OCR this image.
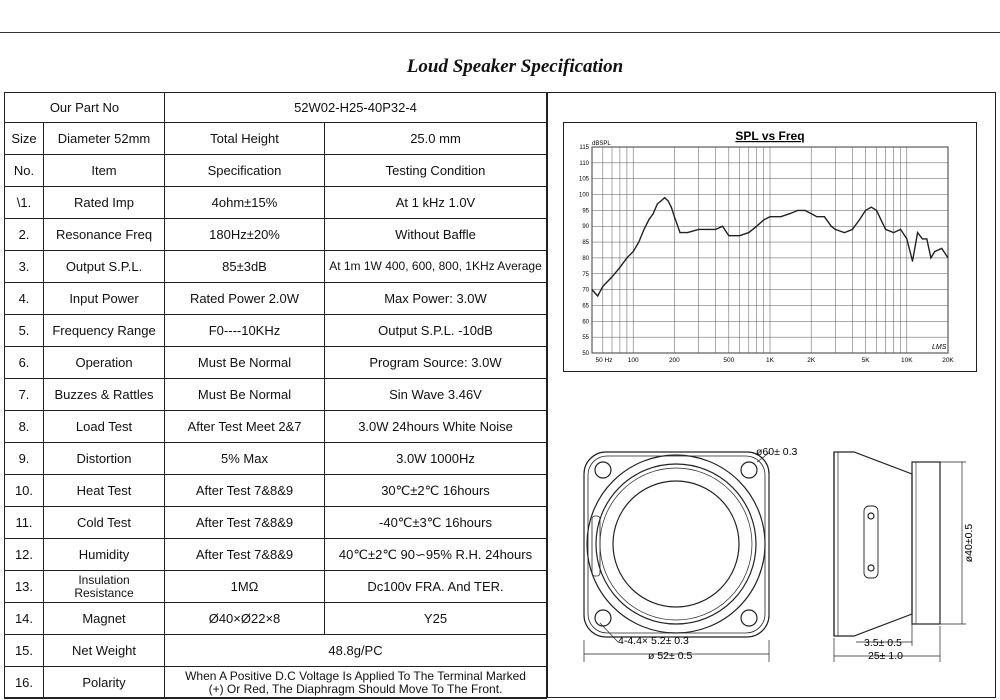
Loud Speaker Specification
Our Part No		52W02-H25-40P32-4	
Size	Diameter 52mm	Total Height	25.0 mm
No.	Item	Specification	Testing Condition
\1.	Rated Imp	4ohm±15%	At 1 kHz 1.0V
2.	Resonance Freq	180Hz±20%	Without Baffle
3.	Output S.P.L.	85±3dB	At 1m 1W 400, 600, 800, 1KHz Average
4.	Input Power	Rated Power 2.0W	Max Power: 3.0W
5.	Frequency Range	F0----10KHz	Output S.P.L. -10dB
6.	Operation	Must Be Normal	Program Source: 3.0W
7.	Buzzes & Rattles	Must Be Normal	Sin Wave 3.46V
8.	Load Test	After Test Meet 2&7	3.0W 24hours White Noise
9.	Distortion	5% Max	3.0W 1000Hz
10.	Heat Test	After Test 7&8&9	30℃±2℃ 16hours
11.	Cold Test	After Test 7&8&9	-40℃±3℃ 16hours
12.	Humidity	After Test 7&8&9	40℃±2℃ 90∽95% R.H. 24hours
13.	Insulation Resistance	1MΩ	Dc100v FRA. And TER.
14.	Magnet	Ø40×Ø22×8	Y25
15.	Net Weight	48.8g/PC	
16.	Polarity	When A Positive D.C Voltage Is Applied To The Terminal Marked (+) Or Red, The Diaphragm Should Move To The Front.	
SPL vs Freq
dBSPL
LMS
50
55
60
65
70
75
80
85
90
95
100
105
110
115
50 Hz 100	200	500	1K	2K	5K	10K	20K
ø60± 0.3
4-4.4× 5.2± 0.3
ø 52± 0.5
ø40±0.5
3.5± 0.5
25± 1.0
